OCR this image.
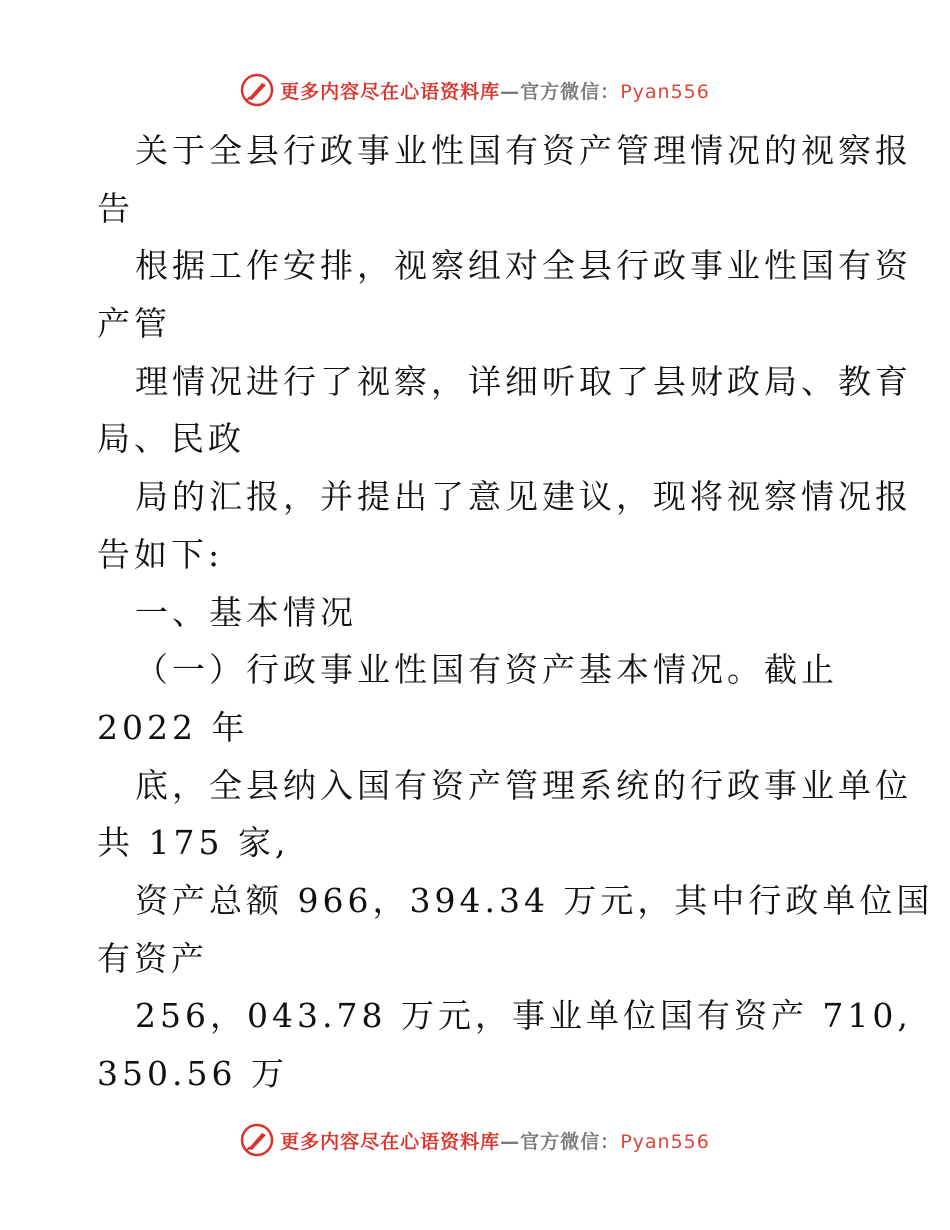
更多内容尽在心语资料库—官方微信：Pyan556
关于全县行政事业性国有资产管理情况的视察报
告
根据工作安排，视察组对全县行政事业性国有资
产管
理情况进行了视察，详细听取了县财政局、教育
局、民政
局的汇报，并提出了意见建议，现将视察情况报
告如下:
一、基本情况
（一）行政事业性国有资产基本情况。截止
2022 年
底，全县纳入国有资产管理系统的行政事业单位
共 175 家,
资产总额 966，394.34 万元，其中行政单位国
有资产
256，043.78 万元，事业单位国有资产 710,
350.56 万
更多内容尽在心语资料库—官方微信：Pyan556
